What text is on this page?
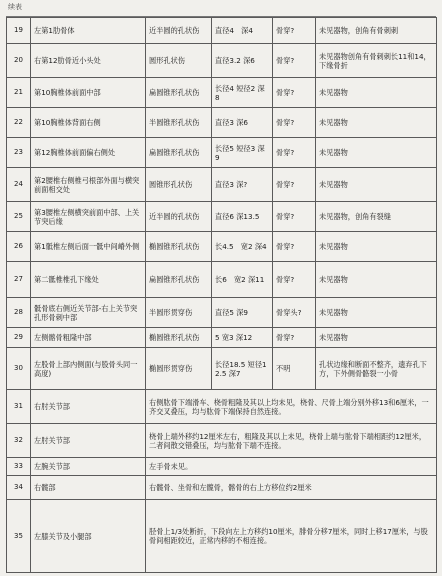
续表
19	左第1肋骨体	近半圆的孔状伤	直径4　深4	骨穿?	未见器物，创角有骨刺刺
20	右第12肋骨近小头处	圆形孔状伤	直径3.2 深6	骨穿?	未见器物创角有骨刺刺长11和14，下缘骨折
21	第10胸椎体前面中部	扁圆锥形孔状伤	长径4 短径2 深8	骨穿?	未见器物
22	第10胸椎体背面右侧	半圆锥形孔状伤	直径3 深6	骨穿?	未见器物
23	第12胸椎体前面偏右侧处	扁圆锥形孔状伤	长径5 短径3 深9	骨穿?	未见器物
24	第2腰椎右侧椎弓根部外面与横突前面相交处	圆锥形孔状伤	直径3 深?	骨穿?	未见器物
25	第3腰椎左侧横突前面中部、上关节突后缘	近半圆的孔状伤	直径6 深13.5	骨穿?	未见器物，创角有裂缝
26	第1骶椎左侧后面一骶中间嵴外侧	椭圆锥形孔状伤	长4.5　宽2 深4	骨穿?	未见器物
27	第二骶椎椎孔下缘处	扁圆锥形孔状伤	长6　宽2 深11	骨穿?	未见器物
28	骶骨底右侧近关节部-右上关节突孔形骨刺中部	半圆形贯穿伤	直径5 深9	骨穿头?	未见器物
29	左侧髂骨粗隆中部	椭圆锥形孔状伤	5 宽3 深12	骨穿?	未见器物
30	左股骨上部内侧面(与股骨头同一高度)	椭圆形贯穿伤	长径18.5 短径12.5 深7	不明	孔状边缘和断面不整齐，遗弃孔下方，下外侧骨骼裂一小骨
31	右肘关节部	右侧肱骨下端滑车、桡骨粗隆及其以上均未见，桡骨、尺骨上端分别外移13和6厘米，一齐交叉叠压，均与肱骨下端保持自然连接。			
32	左肘关节部	桡骨上端外移约12厘米左右，粗隆及其以上未见，桡骨上端与肱骨下端相距约12厘米，二者间散交错叠压，均与肱骨下端不连接。			
33	左腕关节部	左手骨未见。			
34	右髋部	右髋骨、坐骨和左髋骨，髂骨的右上方移位约2厘米			
35	左膝关节及小腿部	胫骨上1/3处断折，下段向左上方移约10厘米，腓骨分移7厘米，同时上移17厘米，与股骨间相距较近，正常内移的不相连接。			
